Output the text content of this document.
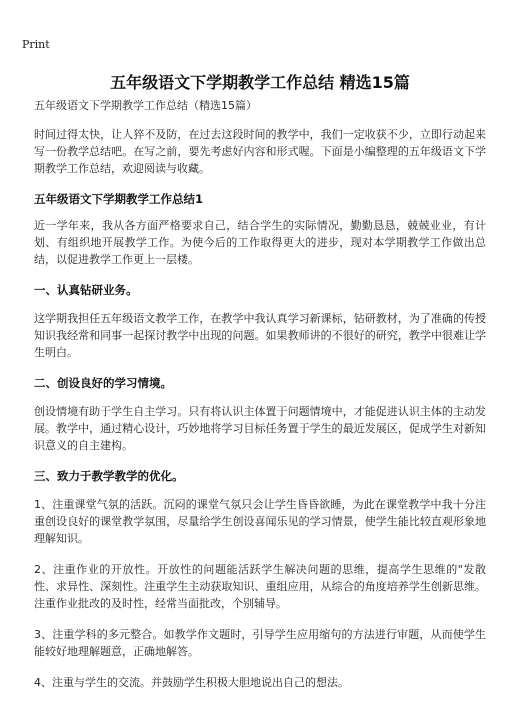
Print
五年级语文下学期教学工作总结 精选15篇
五年级语文下学期教学工作总结（精选15篇）

时间过得太快，让人猝不及防，在过去这段时间的教学中，我们一定收获不少，立即行动起来写一份教学总结吧。在写之前，要先考虑好内容和形式喔。下面是小编整理的五年级语文下学期教学工作总结，欢迎阅读与收藏。

五年级语文下学期教学工作总结1

近一学年来，我从各方面严格要求自己，结合学生的实际情况，勤勤恳恳，兢兢业业，有计划、有组织地开展教学工作。为使今后的工作取得更大的进步，现对本学期教学工作做出总结，以促进教学工作更上一层楼。

一、认真钻研业务。

这学期我担任五年级语文教学工作，在教学中我认真学习新课标，钻研教材，为了准确的传授知识我经常和同事一起探讨教学中出现的问题。如果教师讲的不很好的研究，教学中很难让学生明白。

二、创设良好的学习情境。

创设情境有助于学生自主学习。只有将认识主体置于问题情境中，才能促进认识主体的主动发展。教学中，通过精心设计，巧妙地将学习目标任务置于学生的最近发展区，促成学生对新知识意义的自主建构。

三、致力于教学教学的优化。

1、注重课堂气氛的活跃。沉闷的课堂气氛只会让学生昏昏欲睡，为此在课堂教学中我十分注重创设良好的课堂教学氛围，尽量给学生创设喜闻乐见的学习情景，使学生能比较直观形象地理解知识。

2、注重作业的开放性。开放性的问题能活跃学生解决问题的思维，提高学生思维的"发散性、求异性、深刻性。注重学生主动获取知识、重组应用，从综合的角度培养学生创新思维。注重作业批改的及时性，经常当面批改，个别辅导。

3、注重学科的多元整合。如教学作文题时，引导学生应用缩句的方法进行审题，从而使学生能较好地理解题意，正确地解答。

4、注重与学生的交流。并鼓励学生积极大胆地说出自己的想法。
